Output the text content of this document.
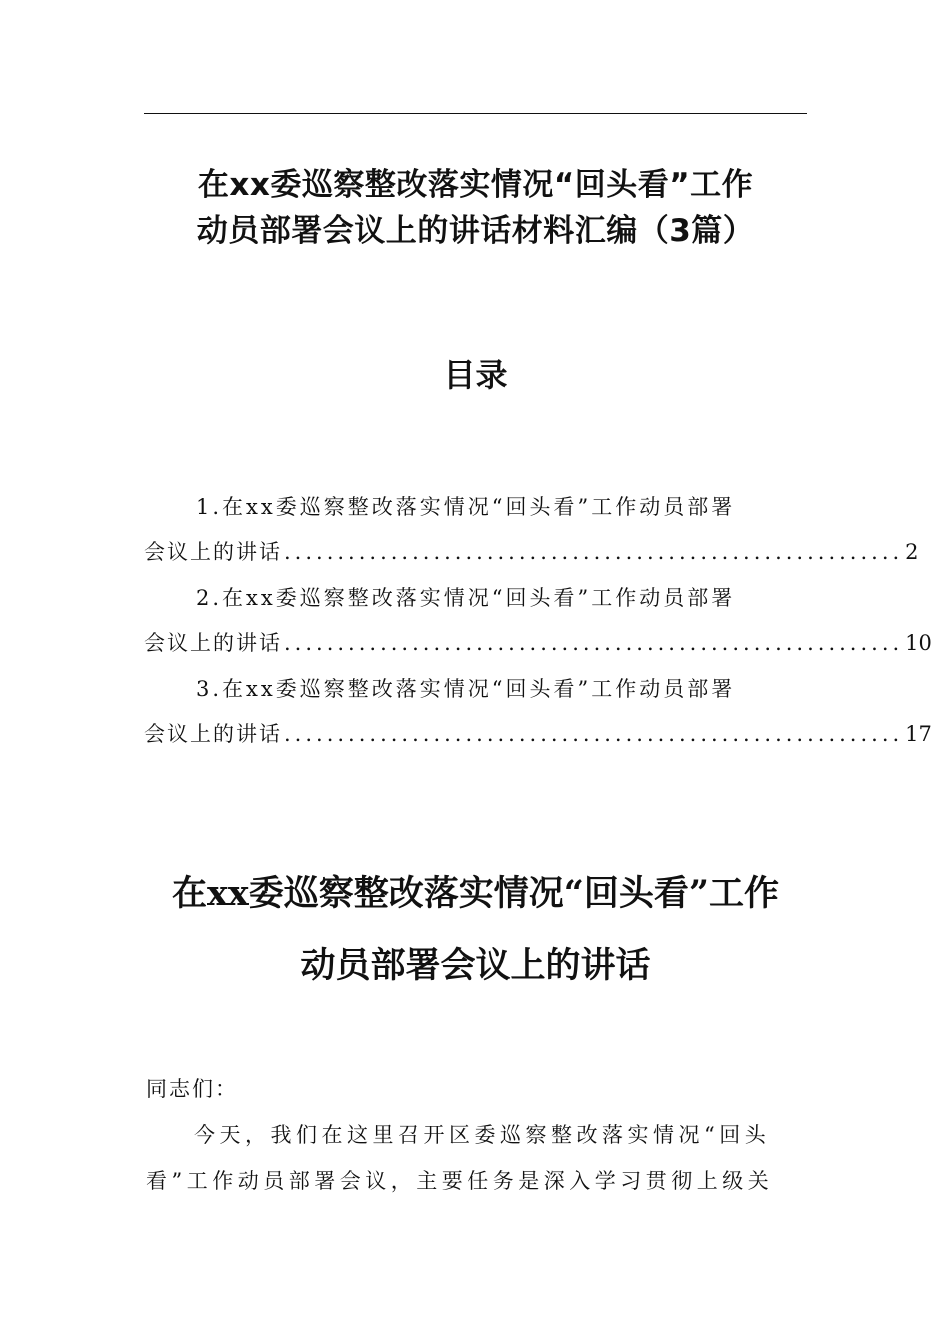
在xx委巡察整改落实情况“回头看”工作
动员部署会议上的讲话材料汇编（3篇）
目录
1.在xx委巡察整改落实情况“回头看”工作动员部署
会议上的讲话 .......................................................... 2
2.在xx委巡察整改落实情况“回头看”工作动员部署
会议上的讲话 .......................................................... 10
3.在xx委巡察整改落实情况“回头看”工作动员部署
会议上的讲话 .......................................................... 17
在xx委巡察整改落实情况“回头看”工作
动员部署会议上的讲话
同志们：
今天，我们在这里召开区委巡察整改落实情况“回头看”工作动员部署会议，主要任务是深入学习贯彻上级关
